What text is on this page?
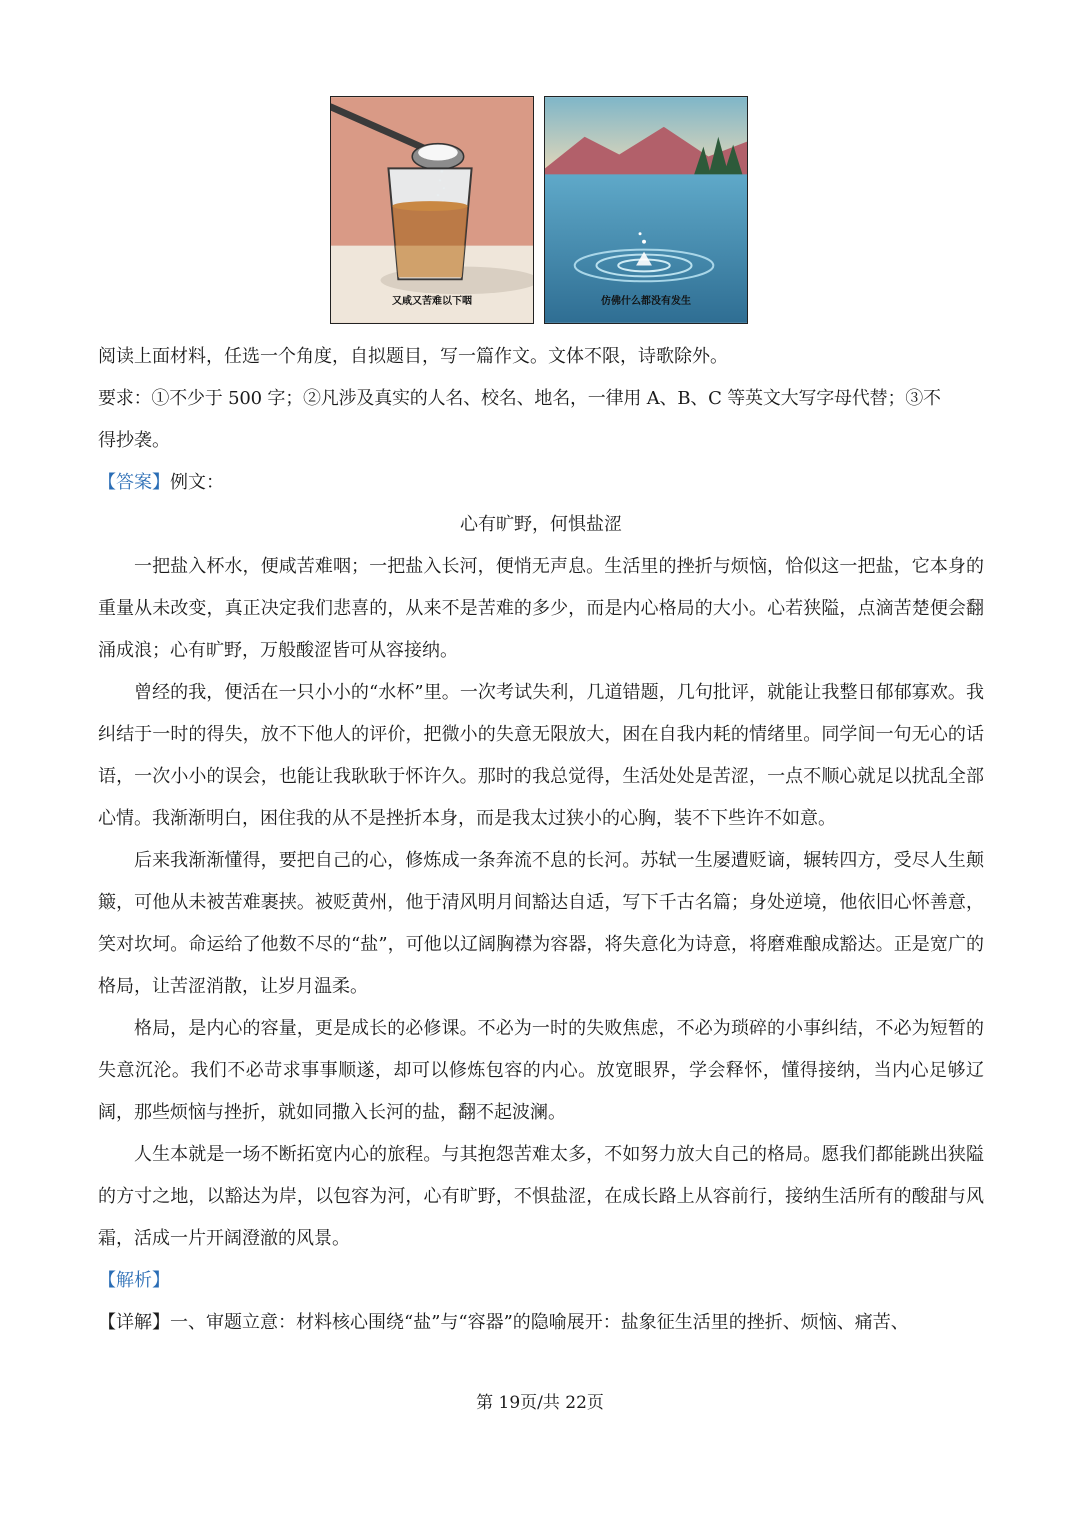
又咸又苦难以下咽	仿佛什么都没有发生

阅读上面材料，任选一个角度，自拟题目，写一篇作文。文体不限，诗歌除外。

要求：①不少于 500 字；②凡涉及真实的人名、校名、地名，一律用 A、B、C 等英文大写字母代替；③不

得抄袭。

【答案】例文：

心有旷野，何惧盐涩

一把盐入杯水，便咸苦难咽；一把盐入长河，便悄无声息。生活里的挫折与烦恼，恰似这一把盐，它本身的重量从未改变，真正决定我们悲喜的，从来不是苦难的多少，而是内心格局的大小。心若狭隘，点滴苦楚便会翻涌成浪；心有旷野，万般酸涩皆可从容接纳。

曾经的我，便活在一只小小的“水杯”里。一次考试失利，几道错题，几句批评，就能让我整日郁郁寡欢。我纠结于一时的得失，放不下他人的评价，把微小的失意无限放大，困在自我内耗的情绪里。同学间一句无心的话语，一次小小的误会，也能让我耿耿于怀许久。那时的我总觉得，生活处处是苦涩，一点不顺心就足以扰乱全部心情。我渐渐明白，困住我的从不是挫折本身，而是我太过狭小的心胸，装不下些许不如意。

后来我渐渐懂得，要把自己的心，修炼成一条奔流不息的长河。苏轼一生屡遭贬谪，辗转四方，受尽人生颠簸，可他从未被苦难裹挟。被贬黄州，他于清风明月间豁达自适，写下千古名篇；身处逆境，他依旧心怀善意，笑对坎坷。命运给了他数不尽的“盐”，可他以辽阔胸襟为容器，将失意化为诗意，将磨难酿成豁达。正是宽广的格局，让苦涩消散，让岁月温柔。

格局，是内心的容量，更是成长的必修课。不必为一时的失败焦虑，不必为琐碎的小事纠结，不必为短暂的失意沉沦。我们不必苛求事事顺遂，却可以修炼包容的内心。放宽眼界，学会释怀，懂得接纳，当内心足够辽阔，那些烦恼与挫折，就如同撒入长河的盐，翻不起波澜。

人生本就是一场不断拓宽内心的旅程。与其抱怨苦难太多，不如努力放大自己的格局。愿我们都能跳出狭隘的方寸之地，以豁达为岸，以包容为河，心有旷野，不惧盐涩，在成长路上从容前行，接纳生活所有的酸甜与风霜，活成一片开阔澄澈的风景。

【解析】

【详解】一、审题立意：材料核心围绕“盐”与“容器”的隐喻展开：盐象征生活里的挫折、烦恼、痛苦、

第 19页/共 22页
